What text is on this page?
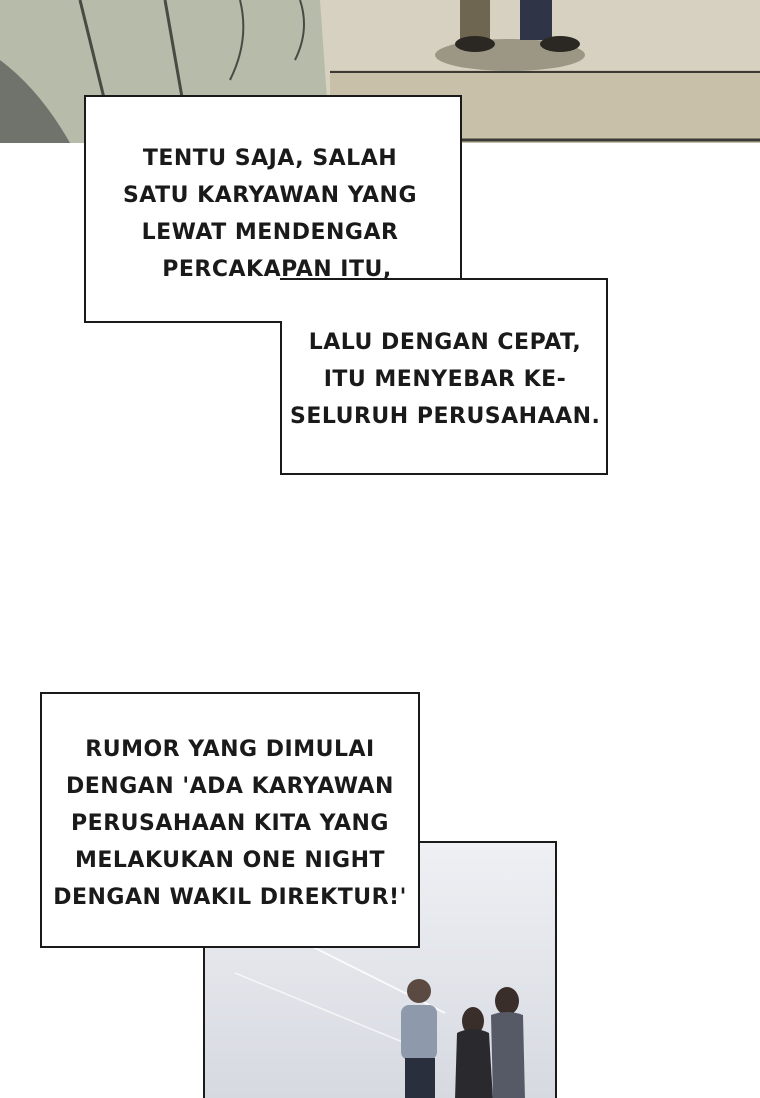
TENTU SAJA, SALAH
SATU KARYAWAN YANG
LEWAT MENDENGAR
PERCAKAPAN ITU,
LALU DENGAN CEPAT,
ITU MENYEBAR KE-
SELURUH PERUSAHAAN.
RUMOR YANG DIMULAI
DENGAN 'ADA KARYAWAN
PERUSAHAAN KITA YANG
MELAKUKAN ONE NIGHT
DENGAN WAKIL DIREKTUR!'
